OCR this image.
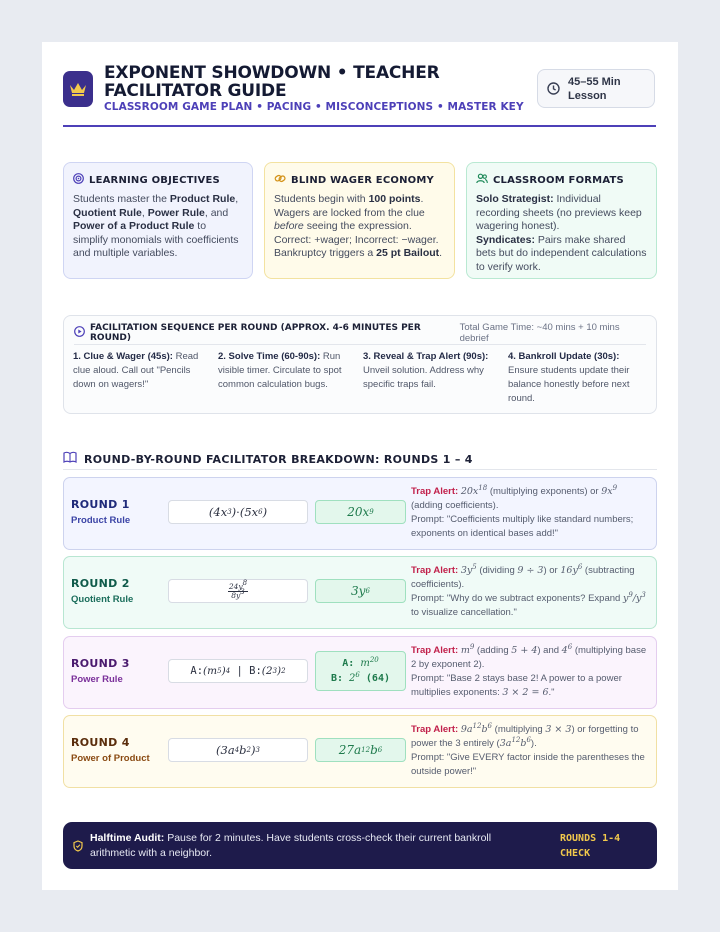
EXPONENT SHOWDOWN • TEACHER FACILITATOR GUIDE
CLASSROOM GAME PLAN • PACING • MISCONCEPTIONS • MASTER KEY
45–55 Min Lesson
LEARNING OBJECTIVES

Students master the Product Rule, Quotient Rule, Power Rule, and Power of a Product Rule to simplify monomials with coefficients and multiple variables.

BLIND WAGER ECONOMY

Students begin with 100 points. Wagers are locked from the clue before seeing the expression. Correct: +wager; Incorrect: −wager. Bankruptcy triggers a 25 pt Bailout.

CLASSROOM FORMATS

Solo Strategist: Individual recording sheets (no previews keep wagering honest).
Syndicates: Pairs make shared bets but do independent calculations to verify work.

FACILITATION SEQUENCE PER ROUND (APPROX. 4-6 MINUTES PER ROUND)
Total Game Time: ~40 mins + 10 mins debrief
1. Clue & Wager (45s): Read clue aloud. Call out "Pencils down on wagers!"
2. Solve Time (60-90s): Run visible timer. Circulate to spot common calculation bugs.
3. Reveal & Trap Alert (90s): Unveil solution. Address why specific traps fail.
4. Bankroll Update (30s): Ensure students update their balance honestly before next round.
ROUND-BY-ROUND FACILITATOR BREAKDOWN: ROUNDS 1 – 4
ROUND 1
Product Rule
( 4x 3 ) · ( 5x 6 )	20x 9
Trap Alert: $20x^{18}$ (multiplying exponents) or $9x^9$ (adding coefficients).
Prompt: "Coefficients multiply like standard numbers; exponents on identical bases add!"
ROUND 2
Quotient Rule	$\frac{24y^8}{8y^3}$	3y 6
Trap Alert: $3y^5$ (dividing 9 ÷ 3) or $16y^6$ (subtracting coefficients).
Prompt: "Why do we subtract exponents? Expand $y^9/y^3$ to visualize cancellation."
ROUND 3
Power Rule
A: (m 5 ) 4 | B: (2 3 ) 2
A: $m^{20}$
B: $2^6$ (64)
Trap Alert: $m^9$ (adding 5 + 4) and $4^6$ (multiplying base 2 by exponent 2).
Prompt: "Base 2 stays base 2! A power to a power multiplies exponents: 3 × 2 = 6."
ROUND 4
Power of Product
(3a 4 b 2 ) 3	27a 12 b 6
Trap Alert: $9a^{12}b^6$ (multiplying 3 × 3) or forgetting to power the 3 entirely $(3a^{12}b^6)$.
Prompt: "Give EVERY factor inside the parentheses the outside power!"
Halftime Audit: Pause for 2 minutes. Have students cross-check their current bankroll arithmetic with a neighbor.
ROUNDS 1-4 CHECK
